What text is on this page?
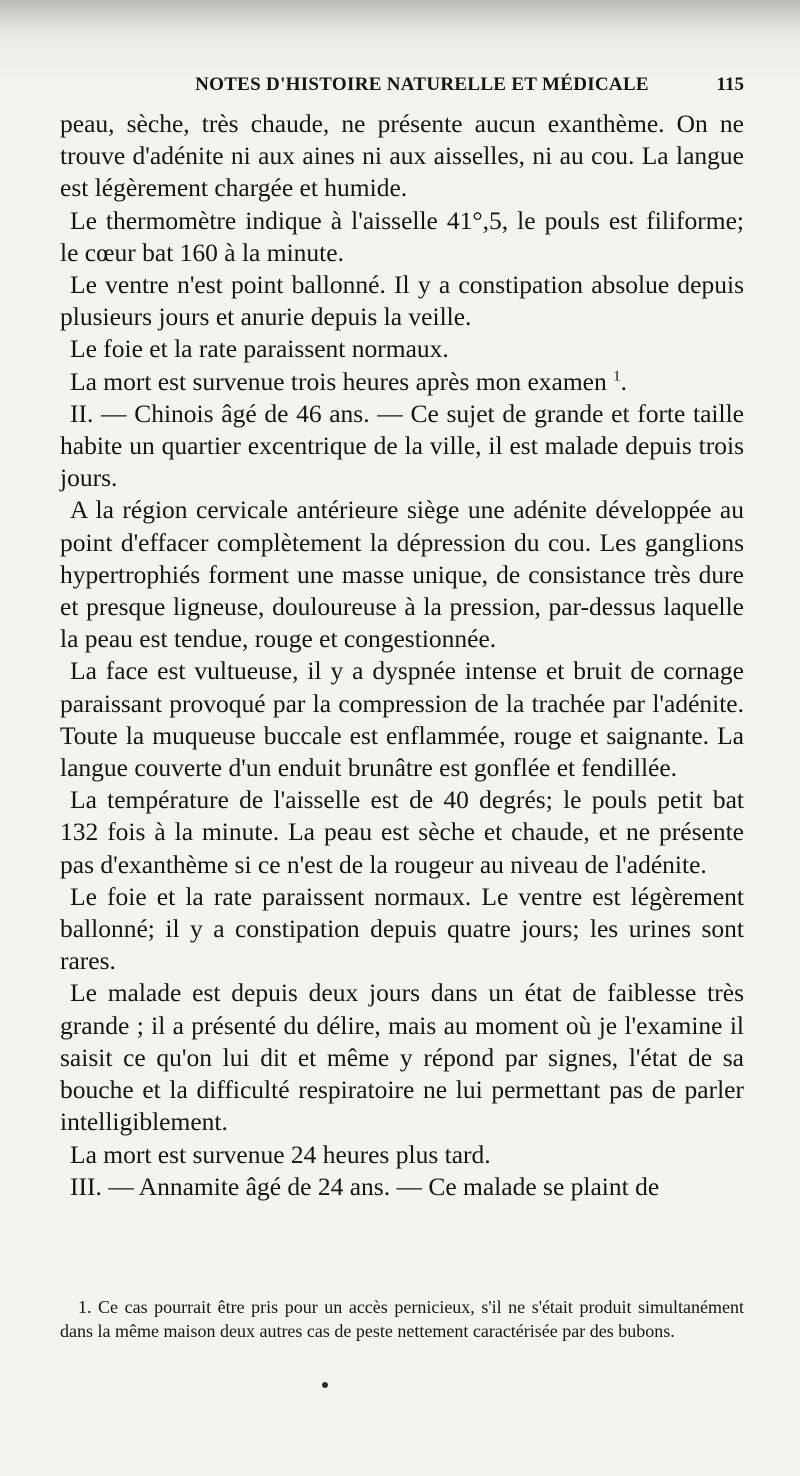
NOTES D'HISTOIRE NATURELLE ET MÉDICALE	115

peau, sèche, très chaude, ne présente aucun exanthème. On ne trouve d'adénite ni aux aines ni aux aisselles, ni au cou. La langue est légèrement chargée et humide.

Le thermomètre indique à l'aisselle 41°,5, le pouls est filiforme; le cœur bat 160 à la minute.

Le ventre n'est point ballonné. Il y a constipation absolue depuis plusieurs jours et anurie depuis la veille.

Le foie et la rate paraissent normaux.

La mort est survenue trois heures après mon examen $^1$.

II. — Chinois âgé de 46 ans. — Ce sujet de grande et forte taille habite un quartier excentrique de la ville, il est malade depuis trois jours.

A la région cervicale antérieure siège une adénite développée au point d'effacer complètement la dépression du cou. Les ganglions hypertrophiés forment une masse unique, de consistance très dure et presque ligneuse, douloureuse à la pression, par-dessus laquelle la peau est tendue, rouge et congestionnée.

La face est vultueuse, il y a dyspnée intense et bruit de cornage paraissant provoqué par la compression de la trachée par l'adénite. Toute la muqueuse buccale est enflammée, rouge et saignante. La langue couverte d'un enduit brunâtre est gonflée et fendillée.

La température de l'aisselle est de 40 degrés; le pouls petit bat 132 fois à la minute. La peau est sèche et chaude, et ne présente pas d'exanthème si ce n'est de la rougeur au niveau de l'adénite.

Le foie et la rate paraissent normaux. Le ventre est légèrement ballonné; il y a constipation depuis quatre jours; les urines sont rares.

Le malade est depuis deux jours dans un état de faiblesse très grande ; il a présenté du délire, mais au moment où je l'examine il saisit ce qu'on lui dit et même y répond par signes, l'état de sa bouche et la difficulté respiratoire ne lui permettant pas de parler intelligiblement.

La mort est survenue 24 heures plus tard.

III. — Annamite âgé de 24 ans. — Ce malade se plaint de

1. Ce cas pourrait être pris pour un accès pernicieux, s'il ne s'était produit simultanément dans la même maison deux autres cas de peste nettement caractérisée par des bubons.
